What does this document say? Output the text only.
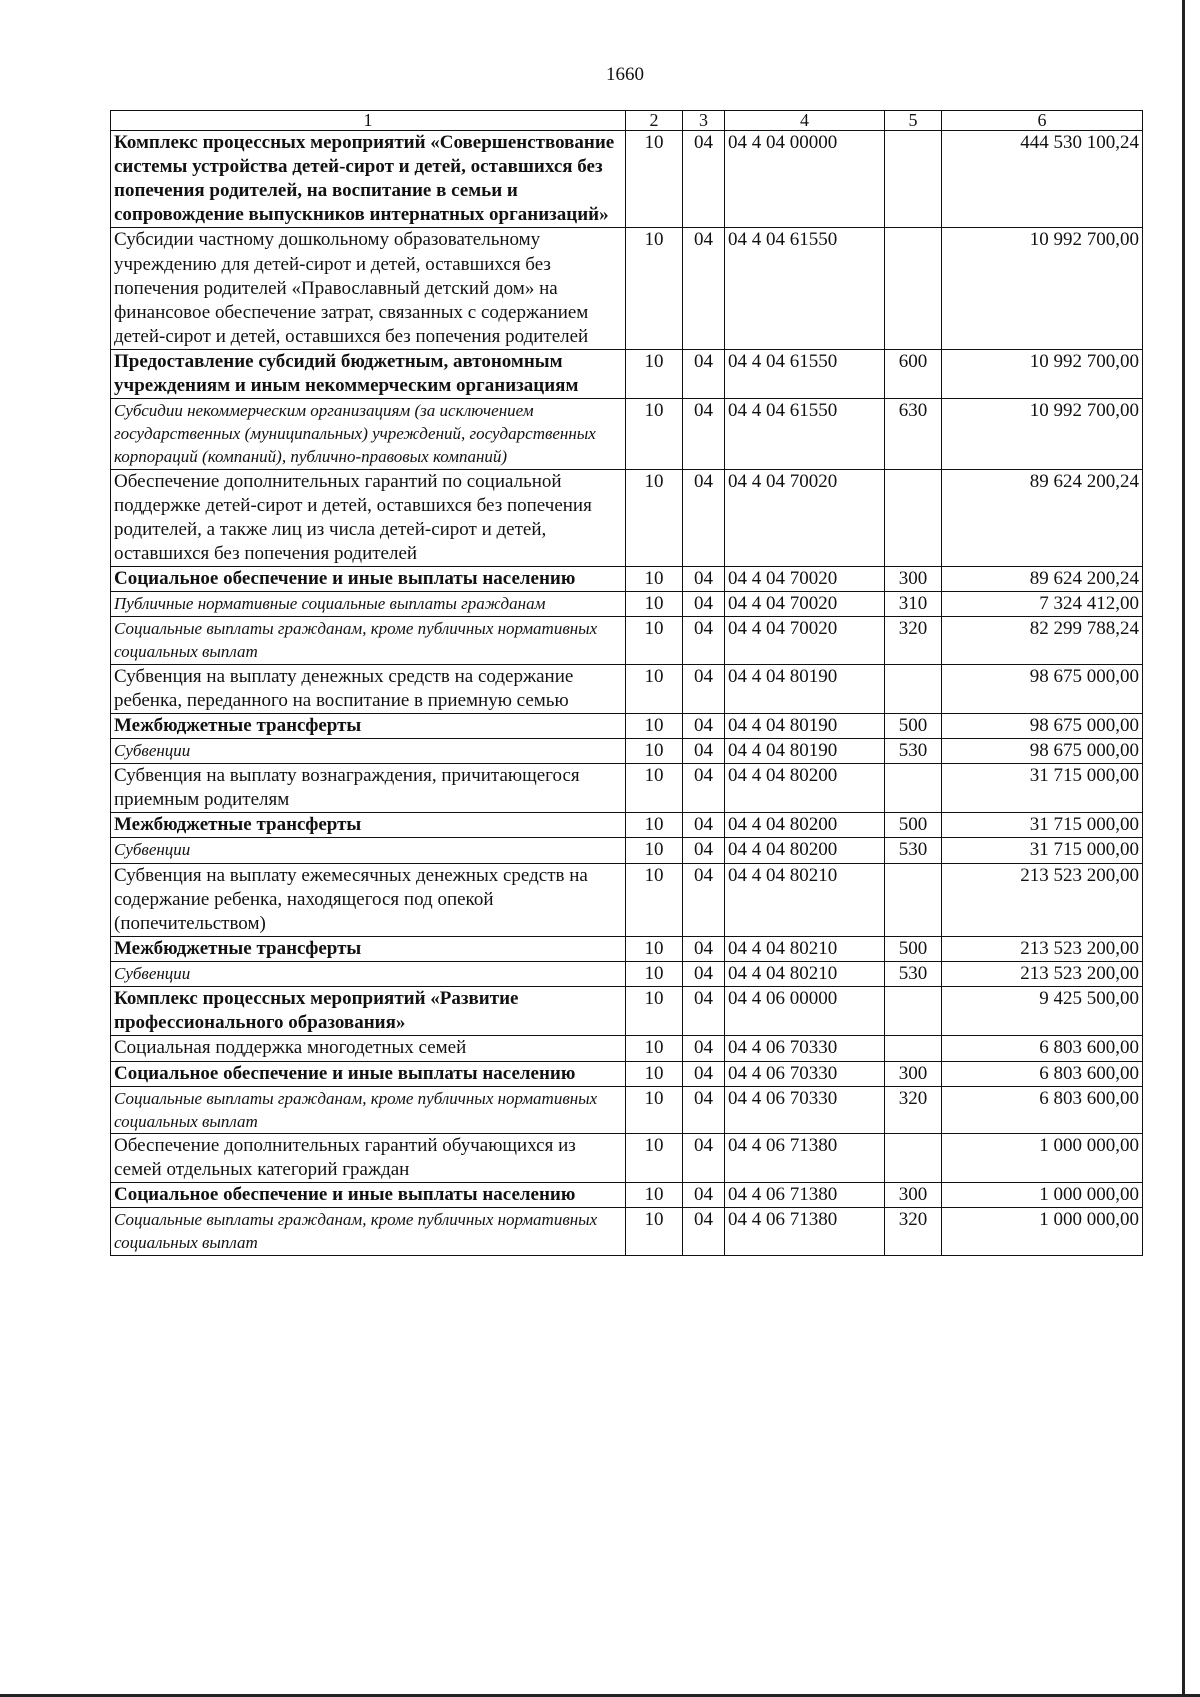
1660
1	2	3	4	5	6
Комплекс процессных мероприятий «Совершенствование системы устройства детей-сирот и детей, оставшихся без попечения родителей, на воспитание в семьи и сопровождение выпускников интернатных организаций»	10	04	04 4 04 00000		444 530 100,24
Субсидии частному дошкольному образовательному учреждению для детей-сирот и детей, оставшихся без попечения родителей «Православный детский дом» на финансовое обеспечение затрат, связанных с содержанием детей-сирот и детей, оставшихся без попечения родителей	10	04	04 4 04 61550		10 992 700,00
Предоставление субсидий бюджетным, автономным учреждениям и иным некоммерческим организациям	10	04	04 4 04 61550	600	10 992 700,00
Субсидии некоммерческим организациям (за исключением государственных (муниципальных) учреждений, государственных корпораций (компаний), публично-правовых компаний)	10	04	04 4 04 61550	630	10 992 700,00
Обеспечение дополнительных гарантий по социальной поддержке детей-сирот и детей, оставшихся без попечения родителей, а также лиц из числа детей-сирот и детей, оставшихся без попечения родителей	10	04	04 4 04 70020		89 624 200,24
Социальное обеспечение и иные выплаты населению	10	04	04 4 04 70020	300	89 624 200,24
Публичные нормативные социальные выплаты гражданам	10	04	04 4 04 70020	310	7 324 412,00
Социальные выплаты гражданам, кроме публичных нормативных социальных выплат	10	04	04 4 04 70020	320	82 299 788,24
Субвенция на выплату денежных средств на содержание ребенка, переданного на воспитание в приемную семью	10	04	04 4 04 80190		98 675 000,00
Межбюджетные трансферты	10	04	04 4 04 80190	500	98 675 000,00
Субвенции	10	04	04 4 04 80190	530	98 675 000,00
Субвенция на выплату вознаграждения, причитающегося приемным родителям	10	04	04 4 04 80200		31 715 000,00
Межбюджетные трансферты	10	04	04 4 04 80200	500	31 715 000,00
Субвенции	10	04	04 4 04 80200	530	31 715 000,00
Субвенция на выплату ежемесячных денежных средств на содержание ребенка, находящегося под опекой (попечительством)	10	04	04 4 04 80210		213 523 200,00
Межбюджетные трансферты	10	04	04 4 04 80210	500	213 523 200,00
Субвенции	10	04	04 4 04 80210	530	213 523 200,00
Комплекс процессных мероприятий «Развитие профессионального образования»	10	04	04 4 06 00000		9 425 500,00
Социальная поддержка многодетных семей	10	04	04 4 06 70330		6 803 600,00
Социальное обеспечение и иные выплаты населению	10	04	04 4 06 70330	300	6 803 600,00
Социальные выплаты гражданам, кроме публичных нормативных социальных выплат	10	04	04 4 06 70330	320	6 803 600,00
Обеспечение дополнительных гарантий обучающихся из семей отдельных категорий граждан	10	04	04 4 06 71380		1 000 000,00
Социальное обеспечение и иные выплаты населению	10	04	04 4 06 71380	300	1 000 000,00
Социальные выплаты гражданам, кроме публичных нормативных социальных выплат	10	04	04 4 06 71380	320	1 000 000,00
